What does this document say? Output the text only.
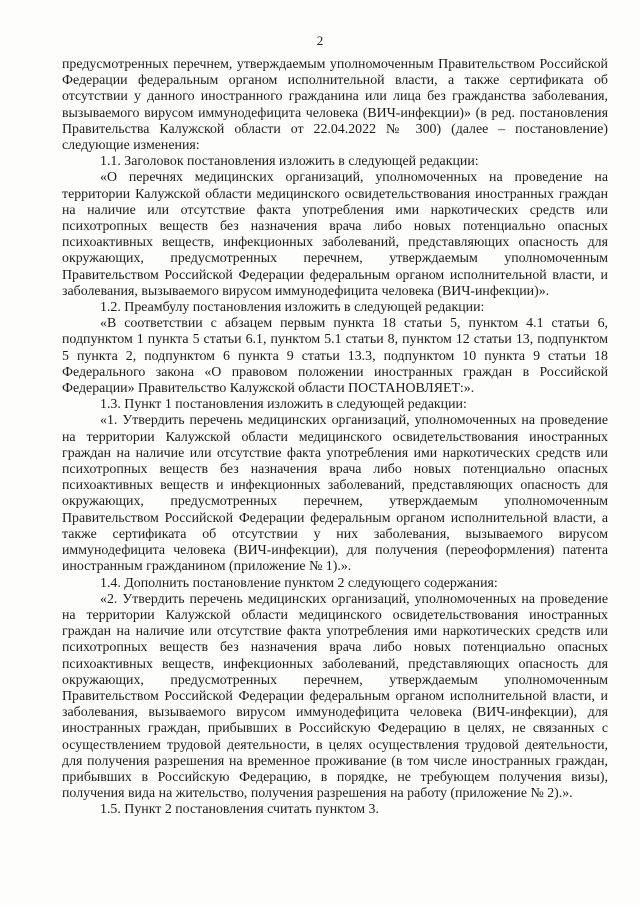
2

предусмотренных перечнем, утверждаемым уполномоченным Правительством Российской Федерации федеральным органом исполнительной власти, а также сертификата об отсутствии у данного иностранного гражданина или лица без гражданства заболевания, вызываемого вирусом иммунодефицита человека (ВИЧ-инфекции)» (в ред. постановления Правительства Калужской области от 22.04.2022 № 300) (далее – постановление) следующие изменения:

1.1. Заголовок постановления изложить в следующей редакции:

«О перечнях медицинских организаций, уполномоченных на проведение на территории Калужской области медицинского освидетельствования иностранных граждан на наличие или отсутствие факта употребления ими наркотических средств или психотропных веществ без назначения врача либо новых потенциально опасных психоактивных веществ, инфекционных заболеваний, представляющих опасность для окружающих, предусмотренных перечнем, утверждаемым уполномоченным Правительством Российской Федерации федеральным органом исполнительной власти, и заболевания, вызываемого вирусом иммунодефицита человека (ВИЧ-инфекции)».

1.2. Преамбулу постановления изложить в следующей редакции:

«В соответствии с абзацем первым пункта 18 статьи 5, пунктом 4.1 статьи 6, подпунктом 1 пункта 5 статьи 6.1, пунктом 5.1 статьи 8, пунктом 12 статьи 13, подпунктом 5 пункта 2, подпунктом 6 пункта 9 статьи 13.3, подпунктом 10 пункта 9 статьи 18 Федерального закона «О правовом положении иностранных граждан в Российской Федерации» Правительство Калужской области ПОСТАНОВЛЯЕТ:».

1.3. Пункт 1 постановления изложить в следующей редакции:

«1. Утвердить перечень медицинских организаций, уполномоченных на проведение на территории Калужской области медицинского освидетельствования иностранных граждан на наличие или отсутствие факта употребления ими наркотических средств или психотропных веществ без назначения врача либо новых потенциально опасных психоактивных веществ и инфекционных заболеваний, представляющих опасность для окружающих, предусмотренных перечнем, утверждаемым уполномоченным Правительством Российской Федерации федеральным органом исполнительной власти, а также сертификата об отсутствии у них заболевания, вызываемого вирусом иммунодефицита человека (ВИЧ-инфекции), для получения (переоформления) патента иностранным гражданином (приложение № 1).».

1.4. Дополнить постановление пунктом 2 следующего содержания:

«2. Утвердить перечень медицинских организаций, уполномоченных на проведение на территории Калужской области медицинского освидетельствования иностранных граждан на наличие или отсутствие факта употребления ими наркотических средств или психотропных веществ без назначения врача либо новых потенциально опасных психоактивных веществ, инфекционных заболеваний, представляющих опасность для окружающих, предусмотренных перечнем, утверждаемым уполномоченным Правительством Российской Федерации федеральным органом исполнительной власти, и заболевания, вызываемого вирусом иммунодефицита человека (ВИЧ-инфекции), для иностранных граждан, прибывших в Российскую Федерацию в целях, не связанных с осуществлением трудовой деятельности, в целях осуществления трудовой деятельности, для получения разрешения на временное проживание (в том числе иностранных граждан, прибывших в Российскую Федерацию, в порядке, не требующем получения визы), получения вида на жительство, получения разрешения на работу (приложение № 2).».

1.5. Пункт 2 постановления считать пунктом 3.
